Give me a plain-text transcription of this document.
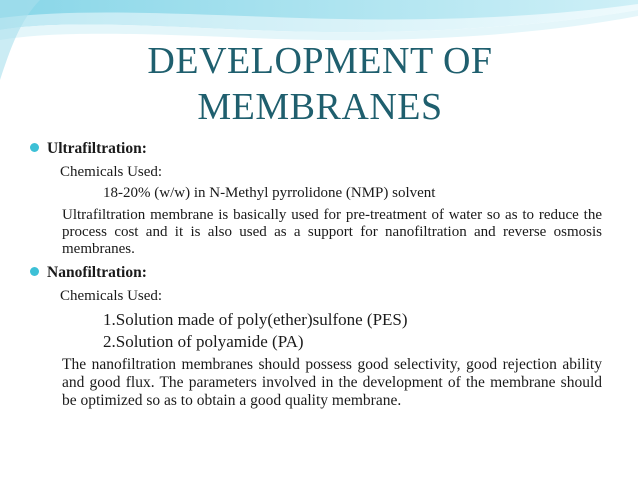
DEVELOPMENT OF
MEMBRANES
Ultrafiltration:
Chemicals Used:
18-20% (w/w) in N-Methyl pyrrolidone (NMP) solvent
Ultrafiltration membrane is basically used for pre-treatment of water so as to reduce the process cost and it is also used as a support for nanofiltration and reverse osmosis membranes.
Nanofiltration:
Chemicals Used:
1.Solution made of poly(ether)sulfone (PES)
2.Solution of polyamide (PA)
The nanofiltration membranes should possess good selectivity, good rejection ability and good flux. The parameters involved in the development of the membrane should be optimized so as to obtain a good quality membrane.
